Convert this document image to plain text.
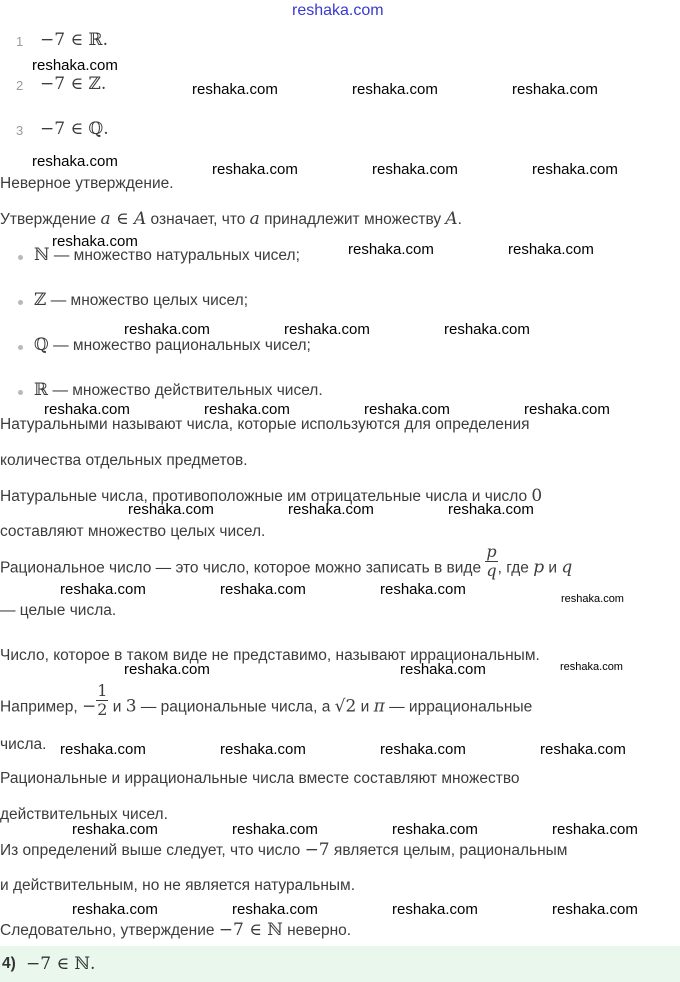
reshaka.com
1 −7 ∈ ℝ.
2 −7 ∈ ℤ.
3 −7 ∈ ℚ.
Неверное утверждение.
Утверждение a ∈ A означает, что a принадлежит множеству A.
ℕ — множество натуральных чисел;
ℤ — множество целых чисел;
ℚ — множество рациональных чисел;
ℝ — множество действительных чисел.
Натуральными называют числа, которые используются для определения
количества отдельных предметов.
Натуральные числа, противоположные им отрицательные числа и число 0
составляют множество целых чисел.
Рациональное число — это число, которое можно записать в виде $\frac{p}{q}$ , где p и q
— целые числа.
Число, которое в таком виде не представимо, называют иррациональным.
Например, − $\frac{1}{2}$ и 3 — рациональные числа, а √2 и π — иррациональные
числа.
Рациональные и иррациональные числа вместе составляют множество
действительных чисел.
Из определений выше следует, что число −7 является целым, рациональным
и действительным, но не является натуральным.
Следовательно, утверждение −7 ∈ ℕ неверно.
4) −7 ∈ ℕ.
reshaka.com
reshaka.com	reshaka.com	reshaka.com
reshaka.com	reshaka.com	reshaka.com	reshaka.com
reshaka.com	reshaka.com	reshaka.com
reshaka.com	reshaka.com	reshaka.com
reshaka.com	reshaka.com	reshaka.com	reshaka.com
reshaka.com	reshaka.com	reshaka.com
reshaka.com	reshaka.com	reshaka.com
reshaka.com
reshaka.com	reshaka.com	reshaka.com
reshaka.com	reshaka.com	reshaka.com	reshaka.com
reshaka.com	reshaka.com	reshaka.com	reshaka.com
reshaka.com	reshaka.com	reshaka.com	reshaka.com
